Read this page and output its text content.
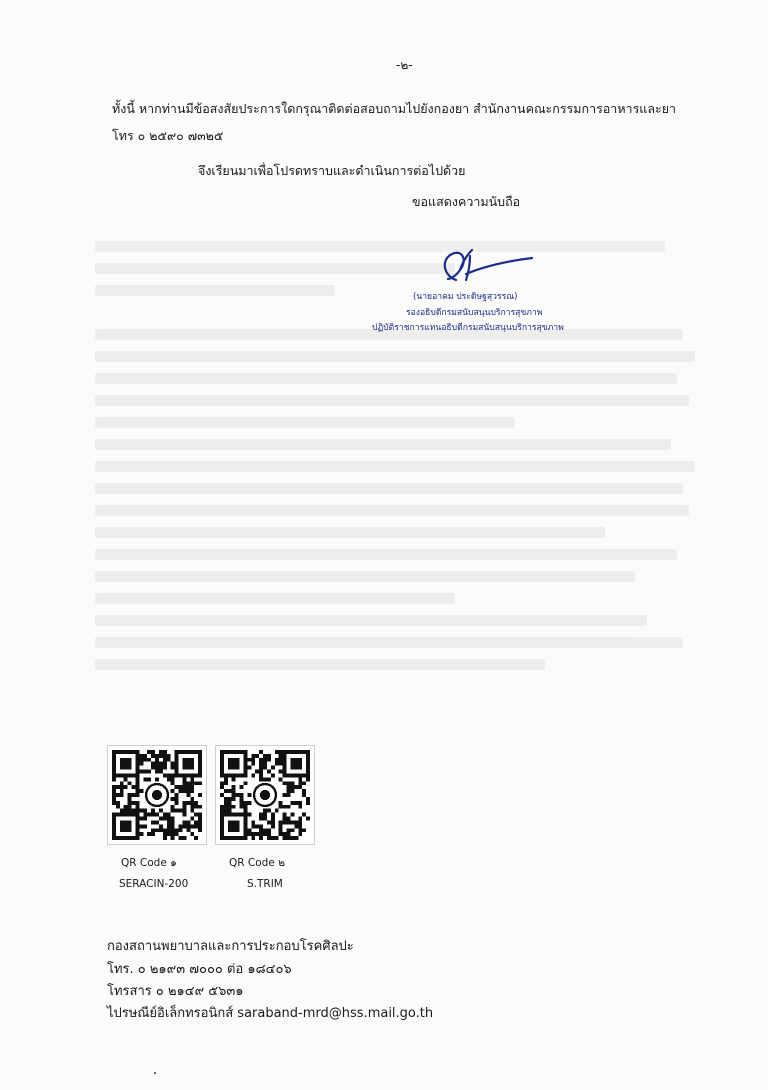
-๒-
ทั้งนี้ หากท่านมีข้อสงสัยประการใดกรุณาติดต่อสอบถามไปยังกองยา สำนักงานคณะกรรมการอาหารและยา
โทร ๐ ๒๕๙๐ ๗๓๒๕
จึงเรียนมาเพื่อโปรดทราบและดำเนินการต่อไปด้วย
ขอแสดงความนับถือ
(นายอาคม ประดิษฐสุวรรณ)
รองอธิบดีกรมสนับสนุนบริการสุขภาพ
ปฏิบัติราชการแทนอธิบดีกรมสนับสนุนบริการสุขภาพ
QR Code ๑
SERACIN-200
QR Code ๒
S.TRIM
กองสถานพยาบาลและการประกอบโรคศิลปะ
โทร. ๐ ๒๑๙๓ ๗๐๐๐ ต่อ ๑๘๔๐๖
โทรสาร ๐ ๒๑๔๙ ๕๖๓๑
ไปรษณีย์อิเล็กทรอนิกส์ saraband-mrd@hss.mail.go.th
